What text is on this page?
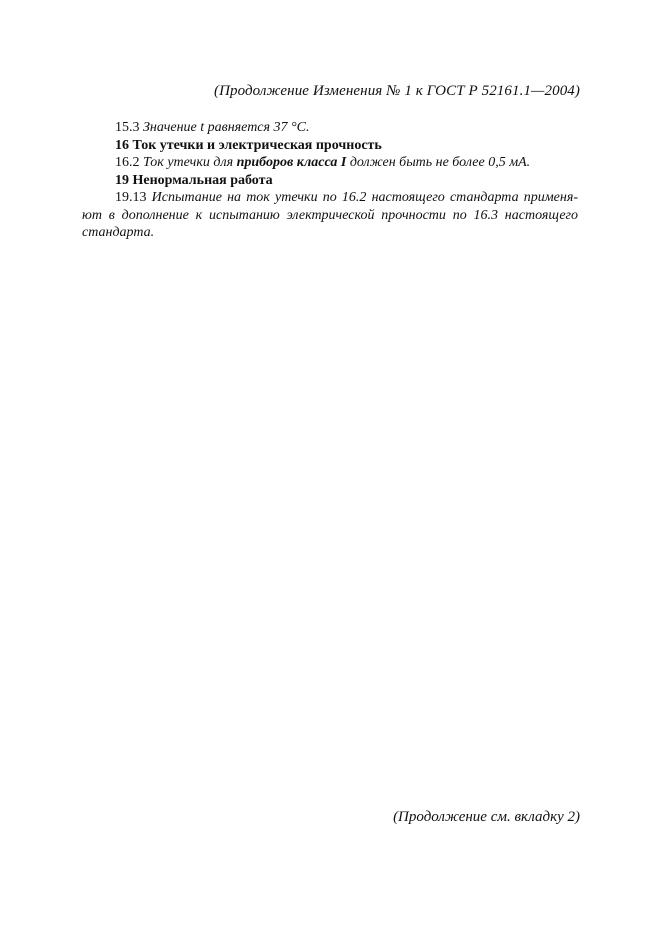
(Продолжение Изменения № 1 к ГОСТ Р 52161.1—2004)

15.3 Значение t равняется 37 °С.

16 Ток утечки и электрическая прочность

16.2 Ток утечки для приборов класса I должен быть не более 0,5 мА.

19 Ненормальная работа

19.13 Испытание на ток утечки по 16.2 настоящего стандарта применя- ют в дополнение к испытанию электрической прочности по 16.3 настоящего стандарта.

(Продолжение см. вкладку 2)
